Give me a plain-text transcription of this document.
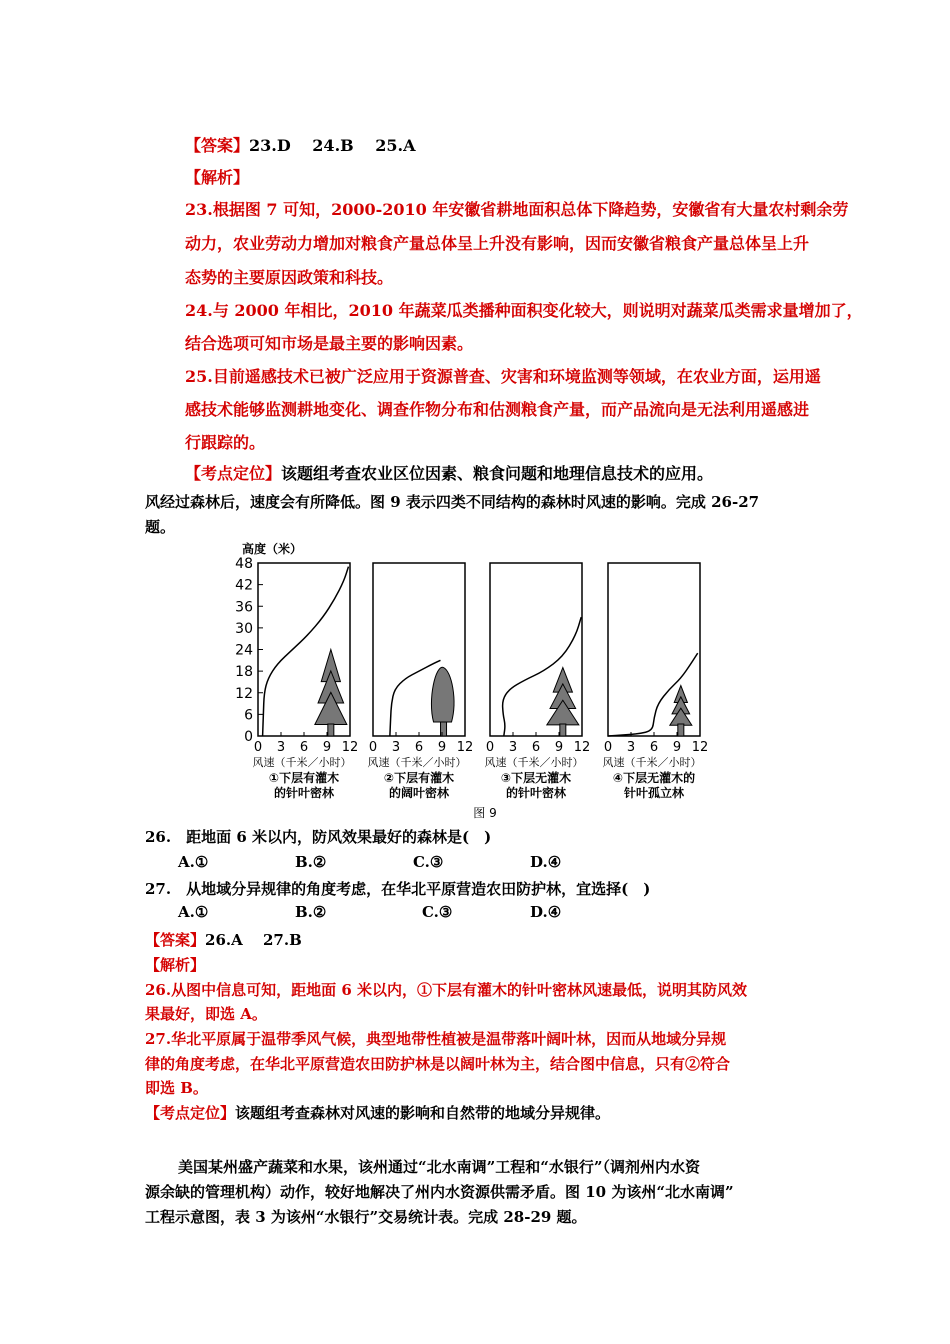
【答案】23.D　 24.B　 25.A
【解析】
23.根据图 7 可知，2000-2010 年安徽省耕地面积总体下降趋势，安徽省有大量农村剩余劳
动力，农业劳动力增加对粮食产量总体呈上升没有影响，因而安徽省粮食产量总体呈上升
态势的主要原因政策和科技。
24.与 2000 年相比，2010 年蔬菜瓜类播种面积变化较大，则说明对蔬菜瓜类需求量增加了，
结合选项可知市场是最主要的影响因素。
25.目前遥感技术已被广泛应用于资源普查、灾害和环境监测等领域，在农业方面，运用遥
感技术能够监测耕地变化、调查作物分布和估测粮食产量，而产品流向是无法利用遥感进
行跟踪的。
【考点定位】该题组考查农业区位因素、粮食问题和地理信息技术的应用。
风经过森林后，速度会有所降低。图 9 表示四类不同结构的森林时风速的影响。完成 26-27
题。
高度（米）
48
42
36
30
24
18
12
6
0
0 3 6 9 12
风速（千米／小时）
①下层有灌木
的针叶密林
0 3 6 9 12
风速（千米／小时）
②下层有灌木
的阔叶密林
0 3 6 9 12
风速（千米／小时）
③下层无灌木
的针叶密林
0 3 6 9 12
风速（千米／小时）
④下层无灌木的
针叶孤立林
图 9
26.　距地面 6 米以内，防风效果最好的森林是(　)
A.①	B.②	C.③	D.④
27.　从地域分异规律的角度考虑，在华北平原营造农田防护林，宜选择(　)
A.①	B.②	C.③	D.④
【答案】26.A　 27.B
【解析】
26.从图中信息可知，距地面 6 米以内，①下层有灌木的针叶密林风速最低，说明其防风效
果最好，即选 A。
27.华北平原属于温带季风气候，典型地带性植被是温带落叶阔叶林，因而从地域分异规
律的角度考虑，在华北平原营造农田防护林是以阔叶林为主，结合图中信息，只有②符合
即选 B。
【考点定位】该题组考查森林对风速的影响和自然带的地域分异规律。
美国某州盛产蔬菜和水果，该州通过“北水南调”工程和“水银行”（调剂州内水资
源余缺的管理机构）动作，较好地解决了州内水资源供需矛盾。图 10 为该州“北水南调”
工程示意图，表 3 为该州“水银行”交易统计表。完成 28-29 题。
